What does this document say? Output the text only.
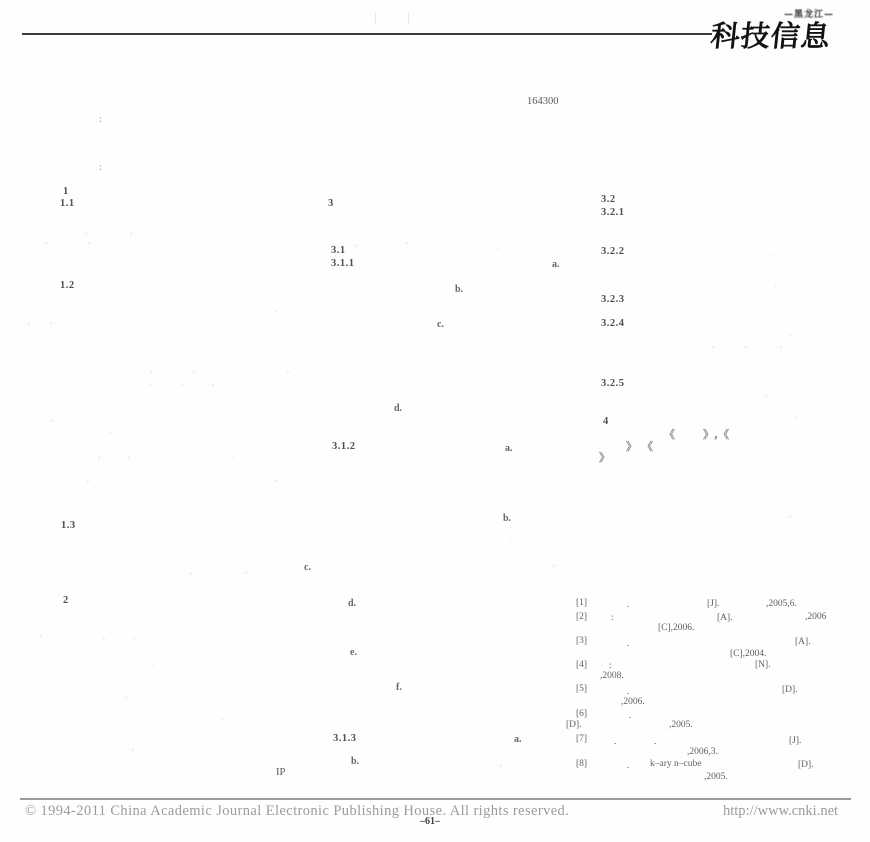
—黑龙江—
科技信息
| |
164300
:
:
1
1.1
1.2
1.3
2
3
3.1
3.1.1
3.1.2
3.1.3
3.2
3.2.1
3.2.2
3.2.3
3.2.4
3.2.5
4
a.
b.
c.
d.
a.
b.
c.
d.
e.
f.
a.
b.
IP
《	》,《
》 《
》
,	,
,	,
.
,	,
.
,	,	.
,
,
,
,	,	,
.	.	,
,
,	,	,
.
.
,
.
,
.
,	,	.
,	,
,
.
,	,
,
,	,	,
.
.
,
,	.
,
,
[1]	.	[J].	,2005,6.
[2]	:	[A].	,2006
[C],2006.
[3]	.	[A].
[C],2004.
[4] :	[N].
,2008.
[5]	.	[D].
,2006.
[6]	.
[D].	,2005.
[7]	.	.	[J].
,2006,3.
[8]	. k–ary n–cube	[D].
,2005.
© 1994-2011 China Academic Journal Electronic Publishing House. All rights reserved.	http://www.cnki.net
–61–
